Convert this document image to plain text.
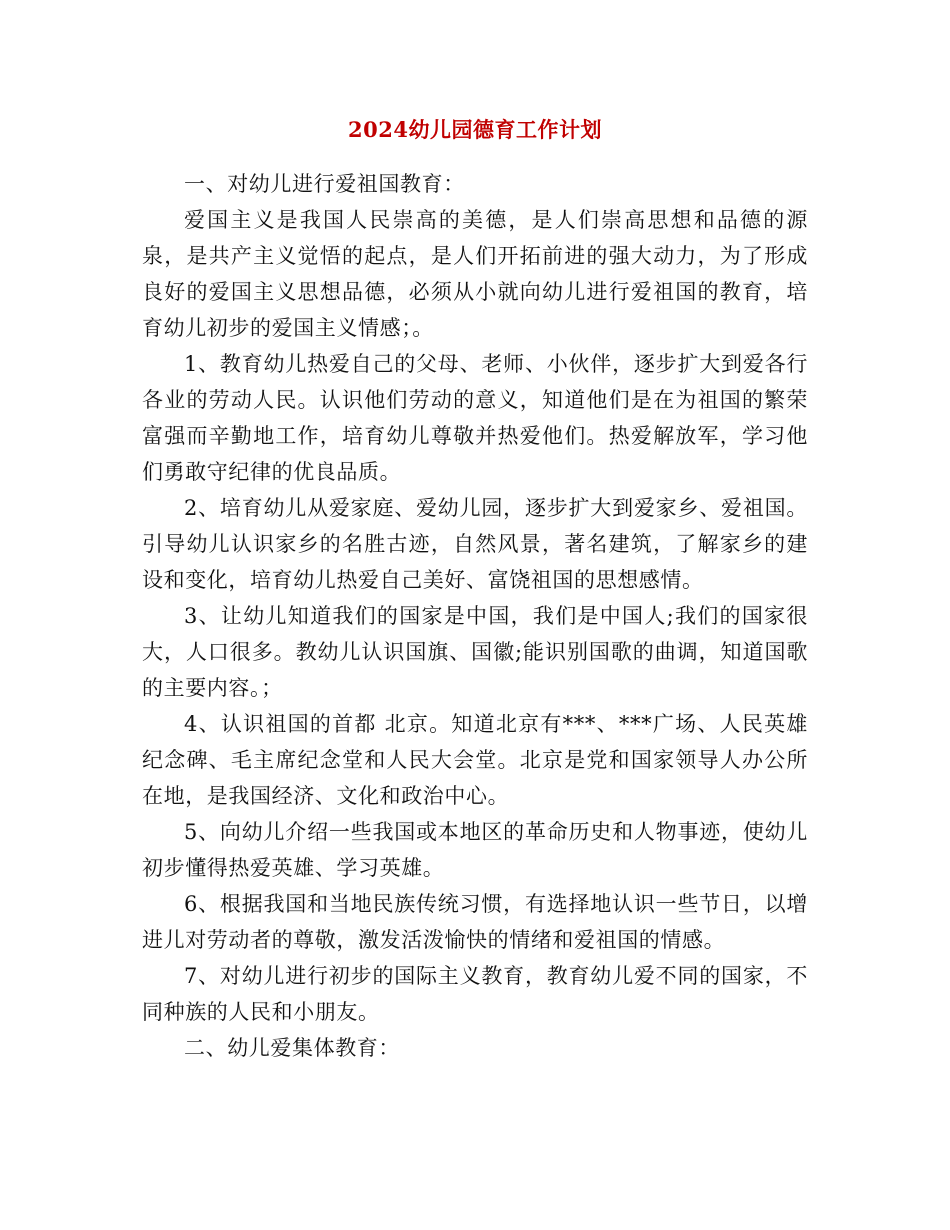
2024幼儿园德育工作计划

一、对幼儿进行爱祖国教育：

爱国主义是我国人民崇高的美德，是人们崇高思想和品德的源泉，是共产主义觉悟的起点，是人们开拓前进的强大动力，为了形成良好的爱国主义思想品德，必须从小就向幼儿进行爱祖国的教育，培育幼儿初步的爱国主义情感；。

1、教育幼儿热爱自己的父母、老师、小伙伴，逐步扩大到爱各行各业的劳动人民。认识他们劳动的意义，知道他们是在为祖国的繁荣富强而辛勤地工作，培育幼儿尊敬并热爱他们。热爱解放军，学习他们勇敢守纪律的优良品质。

2、培育幼儿从爱家庭、爱幼儿园，逐步扩大到爱家乡、爱祖国。引导幼儿认识家乡的名胜古迹，自然风景，著名建筑，了解家乡的建设和变化，培育幼儿热爱自己美好、富饶祖国的思想感情。

3、让幼儿知道我们的国家是中国，我们是中国人;我们的国家很大，人口很多。教幼儿认识国旗、国徽;能识别国歌的曲调，知道国歌的主要内容。；

4、认识祖国的首都 北京。知道北京有***、***广场、人民英雄纪念碑、毛主席纪念堂和人民大会堂。北京是党和国家领导人办公所在地，是我国经济、文化和政治中心。

5、向幼儿介绍一些我国或本地区的革命历史和人物事迹，使幼儿初步懂得热爱英雄、学习英雄。

6、根据我国和当地民族传统习惯，有选择地认识一些节日，以增进儿对劳动者的尊敬，激发活泼愉快的情绪和爱祖国的情感。

7、对幼儿进行初步的国际主义教育，教育幼儿爱不同的国家，不同种族的人民和小朋友。

二、幼儿爱集体教育：
